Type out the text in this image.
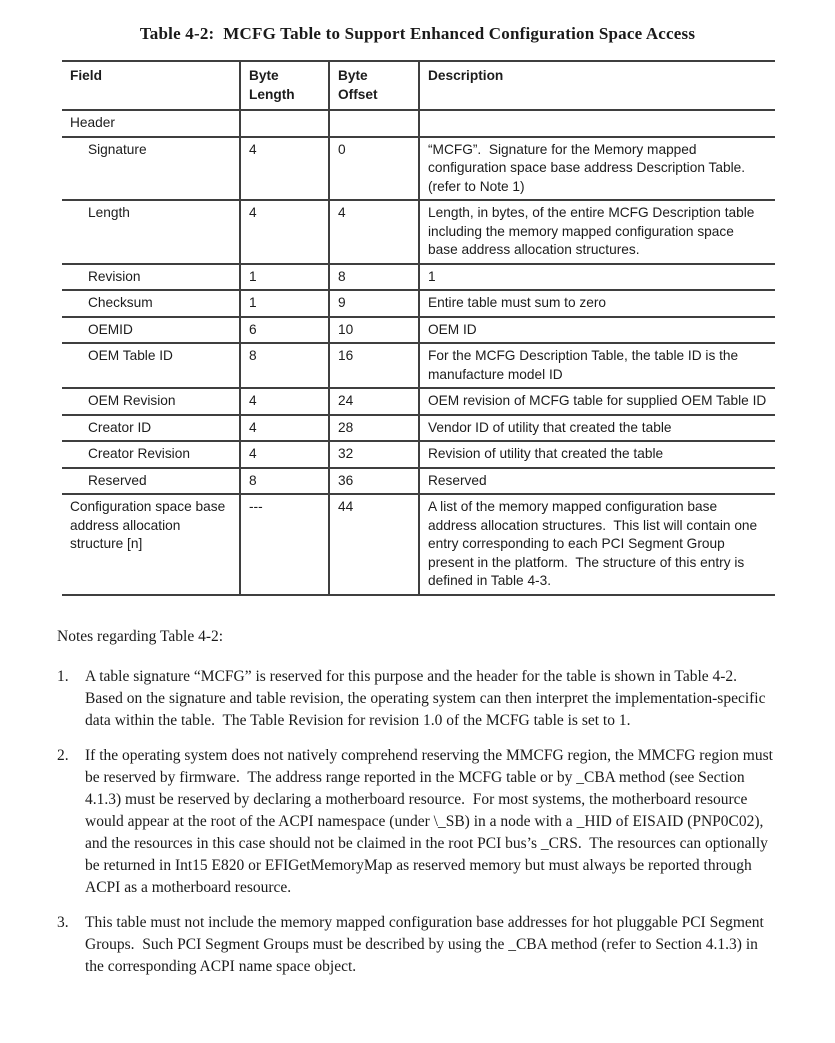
Table 4-2:  MCFG Table to Support Enhanced Configuration Space Access
Field	Byte Length	Byte Offset	Description
Header			
Signature	4	0	“MCFG”.  Signature for the Memory mapped configuration space base address Description Table.  (refer to Note 1)
Length	4	4	Length, in bytes, of the entire MCFG Description table including the memory mapped configuration space base address allocation structures.
Revision	1	8	1
Checksum	1	9	Entire table must sum to zero
OEMID	6	10	OEM ID
OEM Table ID	8	16	For the MCFG Description Table, the table ID is the manufacture model ID
OEM Revision	4	24	OEM revision of MCFG table for supplied OEM Table ID
Creator ID	4	28	Vendor ID of utility that created the table
Creator Revision	4	32	Revision of utility that created the table
Reserved	8	36	Reserved
Configuration space base address allocation structure [n]	---	44	A list of the memory mapped configuration base address allocation structures.  This list will contain one entry corresponding to each PCI Segment Group present in the platform.  The structure of this entry is defined in Table 4-3.

Notes regarding Table 4-2:

1.	A table signature “MCFG” is reserved for this purpose and the header for the table is shown in Table 4-2.  Based on the signature and table revision, the operating system can then interpret the implementation-specific data within the table.  The Table Revision for revision 1.0 of the MCFG table is set to 1.
2.	If the operating system does not natively comprehend reserving the MMCFG region, the MMCFG region must be reserved by firmware.  The address range reported in the MCFG table or by _CBA method (see Section 4.1.3) must be reserved by declaring a motherboard resource.  For most systems, the motherboard resource would appear at the root of the ACPI namespace (under \_SB) in a node with a _HID of EISAID (PNP0C02), and the resources in this case should not be claimed in the root PCI bus’s _CRS.  The resources can optionally be returned in Int15 E820 or EFIGetMemoryMap as reserved memory but must always be reported through ACPI as a motherboard resource.
3.	This table must not include the memory mapped configuration base addresses for hot pluggable PCI Segment Groups.  Such PCI Segment Groups must be described by using the _CBA method (refer to Section 4.1.3) in the corresponding ACPI name space object.
